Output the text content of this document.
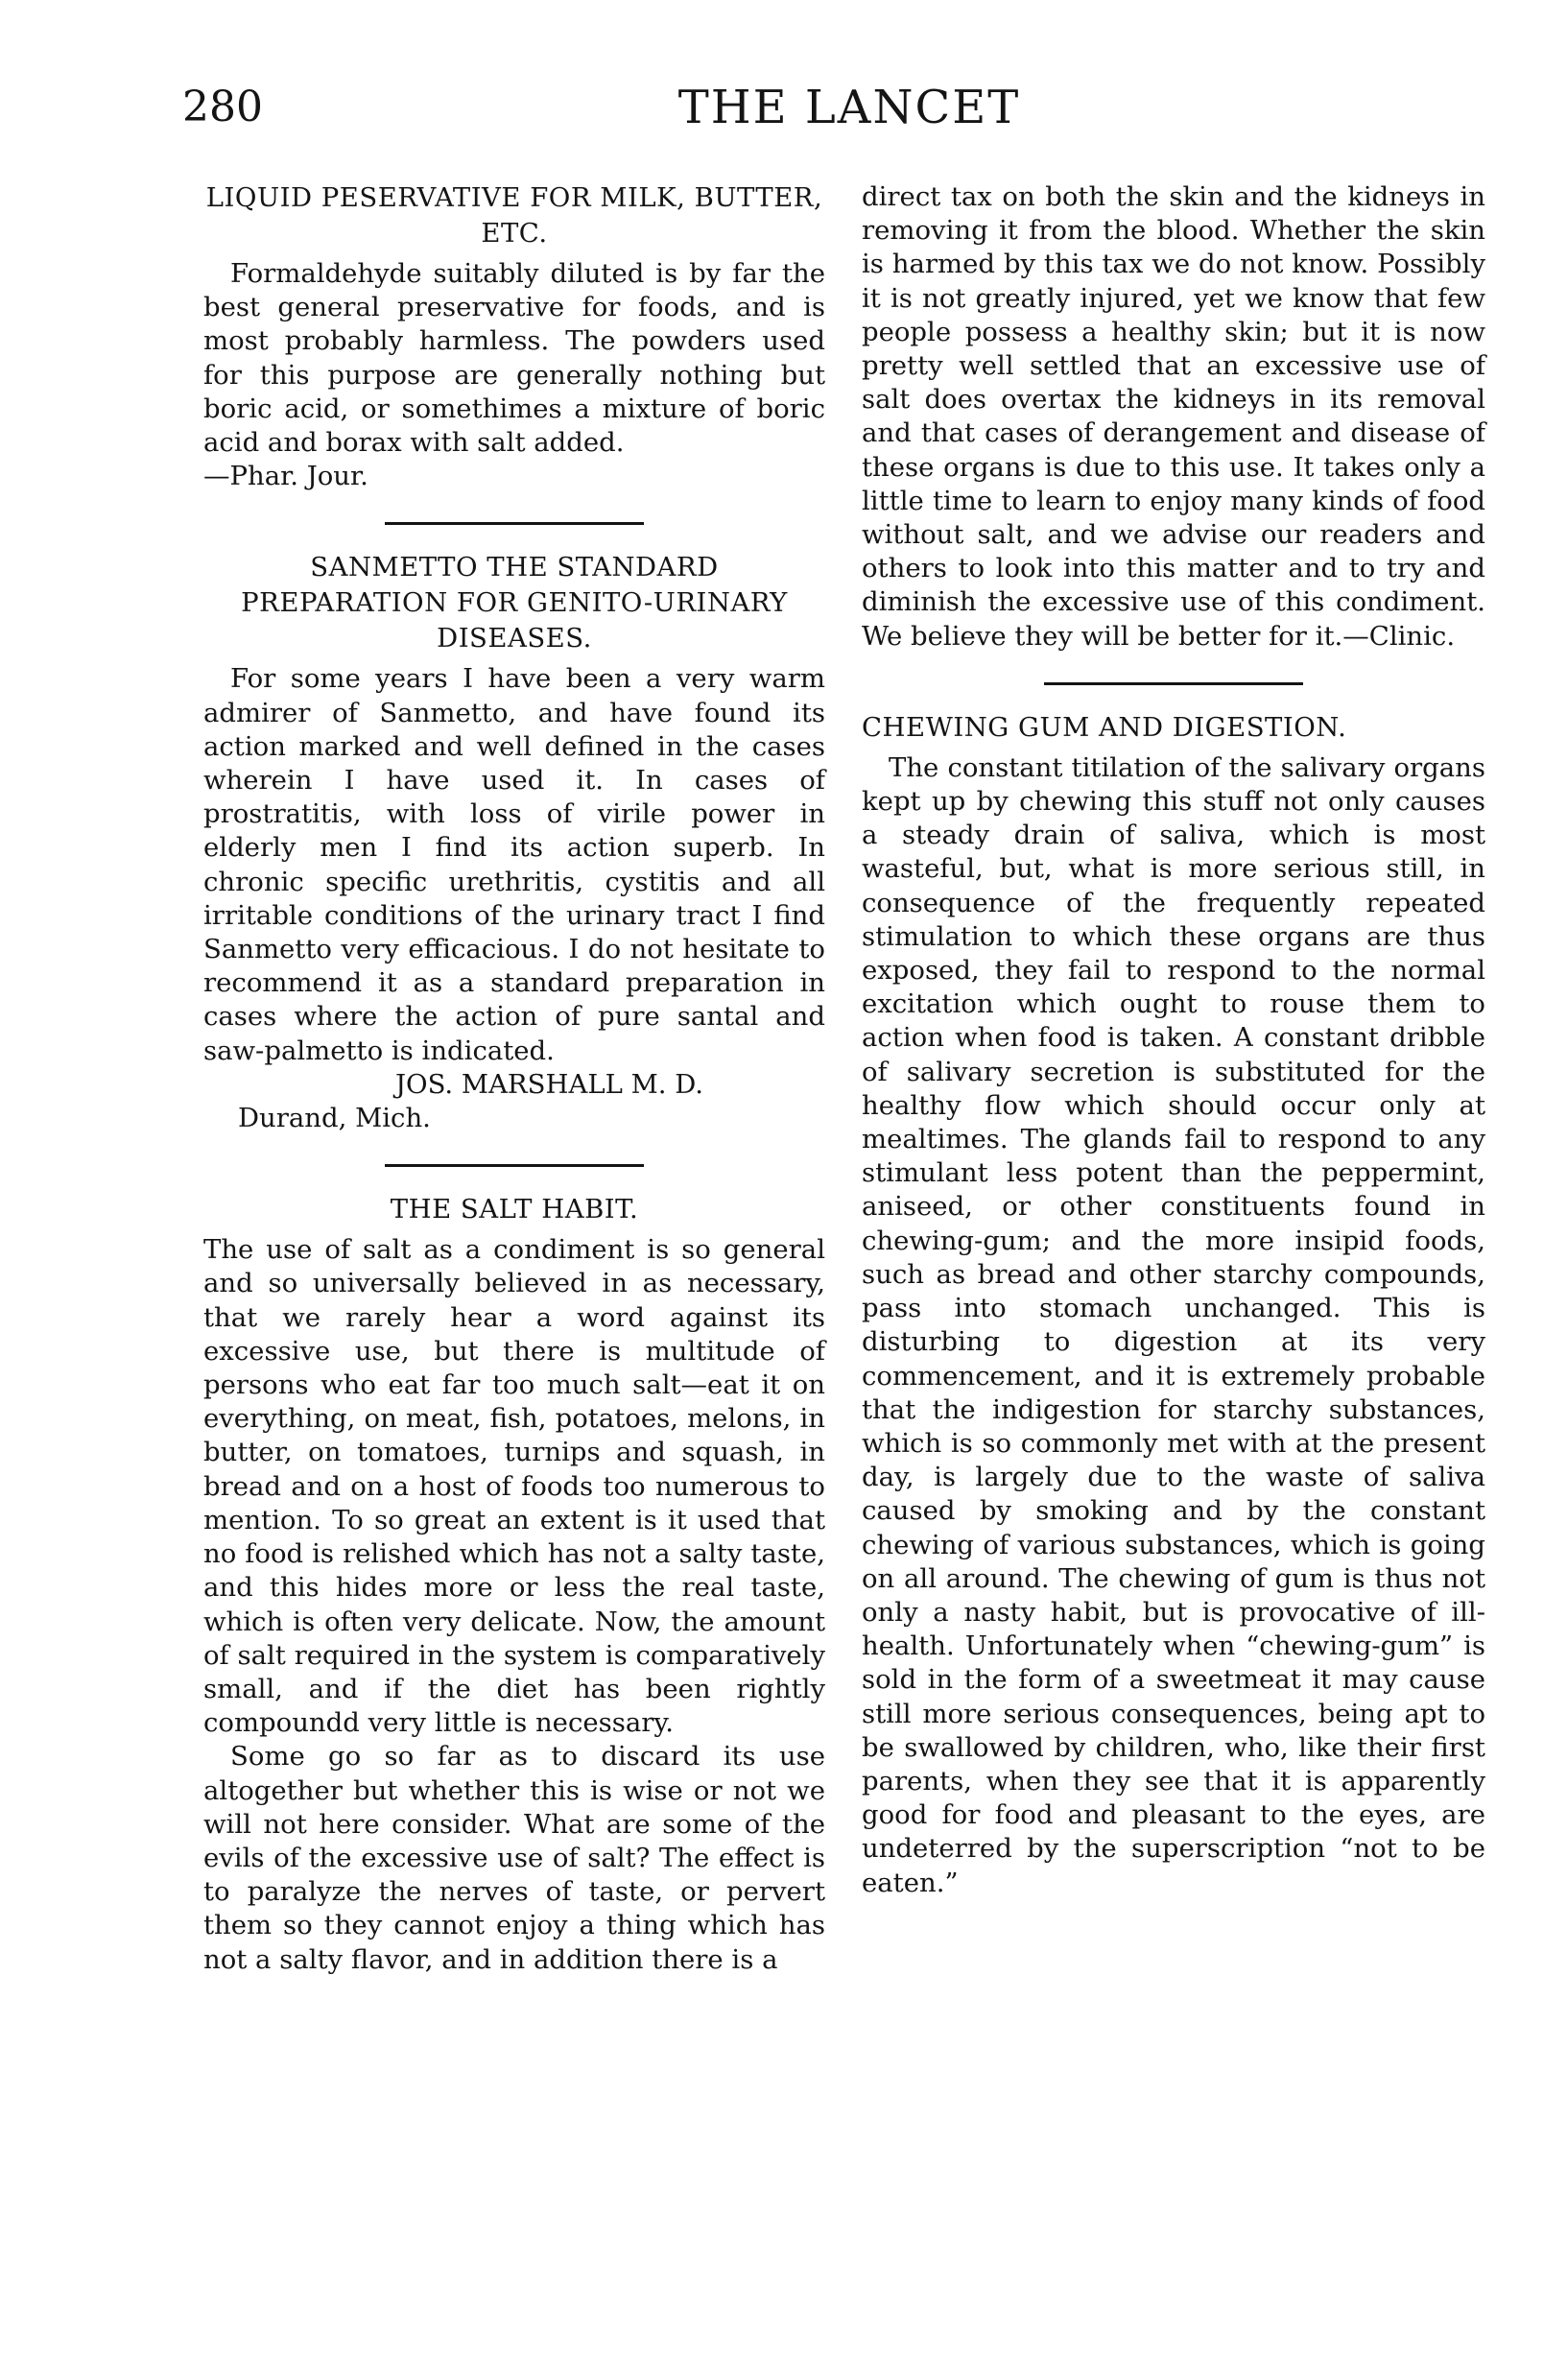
280	THE LANCET
LIQUID PESERVATIVE FOR MILK, BUTTER, ETC.

Formaldehyde suitably diluted is by far the best general preservative for foods, and is most probably harmless. The powders used for this purpose are generally nothing but boric acid, or somethimes a mixture of boric acid and borax with salt added.

—Phar. Jour.

SANMETTO THE STANDARD PREPARATION FOR GENITO-URINARY DISEASES.

For some years I have been a very warm admirer of Sanmetto, and have found its action marked and well defined in the cases wherein I have used it. In cases of prostratitis, with loss of virile power in elderly men I find its action superb. In chronic specific urethritis, cystitis and all irritable conditions of the urinary tract I find Sanmetto very efficacious. I do not hesitate to recommend it as a standard preparation in cases where the action of pure santal and saw-palmetto is indicated.

JOS. MARSHALL M. D.

Durand, Mich.

THE SALT HABIT.

The use of salt as a condiment is so general and so universally believed in as necessary, that we rarely hear a word against its excessive use, but there is multitude of persons who eat far too much salt—eat it on everything, on meat, fish, potatoes, melons, in butter, on tomatoes, turnips and squash, in bread and on a host of foods too numerous to mention. To so great an extent is it used that no food is relished which has not a salty taste, and this hides more or less the real taste, which is often very delicate. Now, the amount of salt required in the system is comparatively small, and if the diet has been rightly compoundd very little is necessary.

Some go so far as to discard its use altogether but whether this is wise or not we will not here consider. What are some of the evils of the excessive use of salt? The effect is to paralyze the nerves of taste, or pervert them so they cannot enjoy a thing which has not a salty flavor, and in addition there is a

direct tax on both the skin and the kidneys in removing it from the blood. Whether the skin is harmed by this tax we do not know. Possibly it is not greatly injured, yet we know that few people possess a healthy skin; but it is now pretty well settled that an excessive use of salt does overtax the kidneys in its removal and that cases of derangement and disease of these organs is due to this use. It takes only a little time to learn to enjoy many kinds of food without salt, and we advise our readers and others to look into this matter and to try and diminish the excessive use of this condiment. We believe they will be better for it.—Clinic.

CHEWING GUM AND DIGESTION.

The constant titilation of the salivary organs kept up by chewing this stuff not only causes a steady drain of saliva, which is most wasteful, but, what is more serious still, in consequence of the frequently repeated stimulation to which these organs are thus exposed, they fail to respond to the normal excitation which ought to rouse them to action when food is taken. A constant dribble of salivary secretion is substituted for the healthy flow which should occur only at mealtimes. The glands fail to respond to any stimulant less potent than the peppermint, aniseed, or other constituents found in chewing-gum; and the more insipid foods, such as bread and other starchy compounds, pass into stomach unchanged. This is disturbing to digestion at its very commencement, and it is extremely probable that the indigestion for starchy substances, which is so commonly met with at the present day, is largely due to the waste of saliva caused by smoking and by the constant chewing of various substances, which is going on all around. The chewing of gum is thus not only a nasty habit, but is provocative of ill-health. Unfortunately when “chewing-gum” is sold in the form of a sweetmeat it may cause still more serious consequences, being apt to be swallowed by children, who, like their first parents, when they see that it is apparently good for food and pleasant to the eyes, are undeterred by the superscription “not to be eaten.”
